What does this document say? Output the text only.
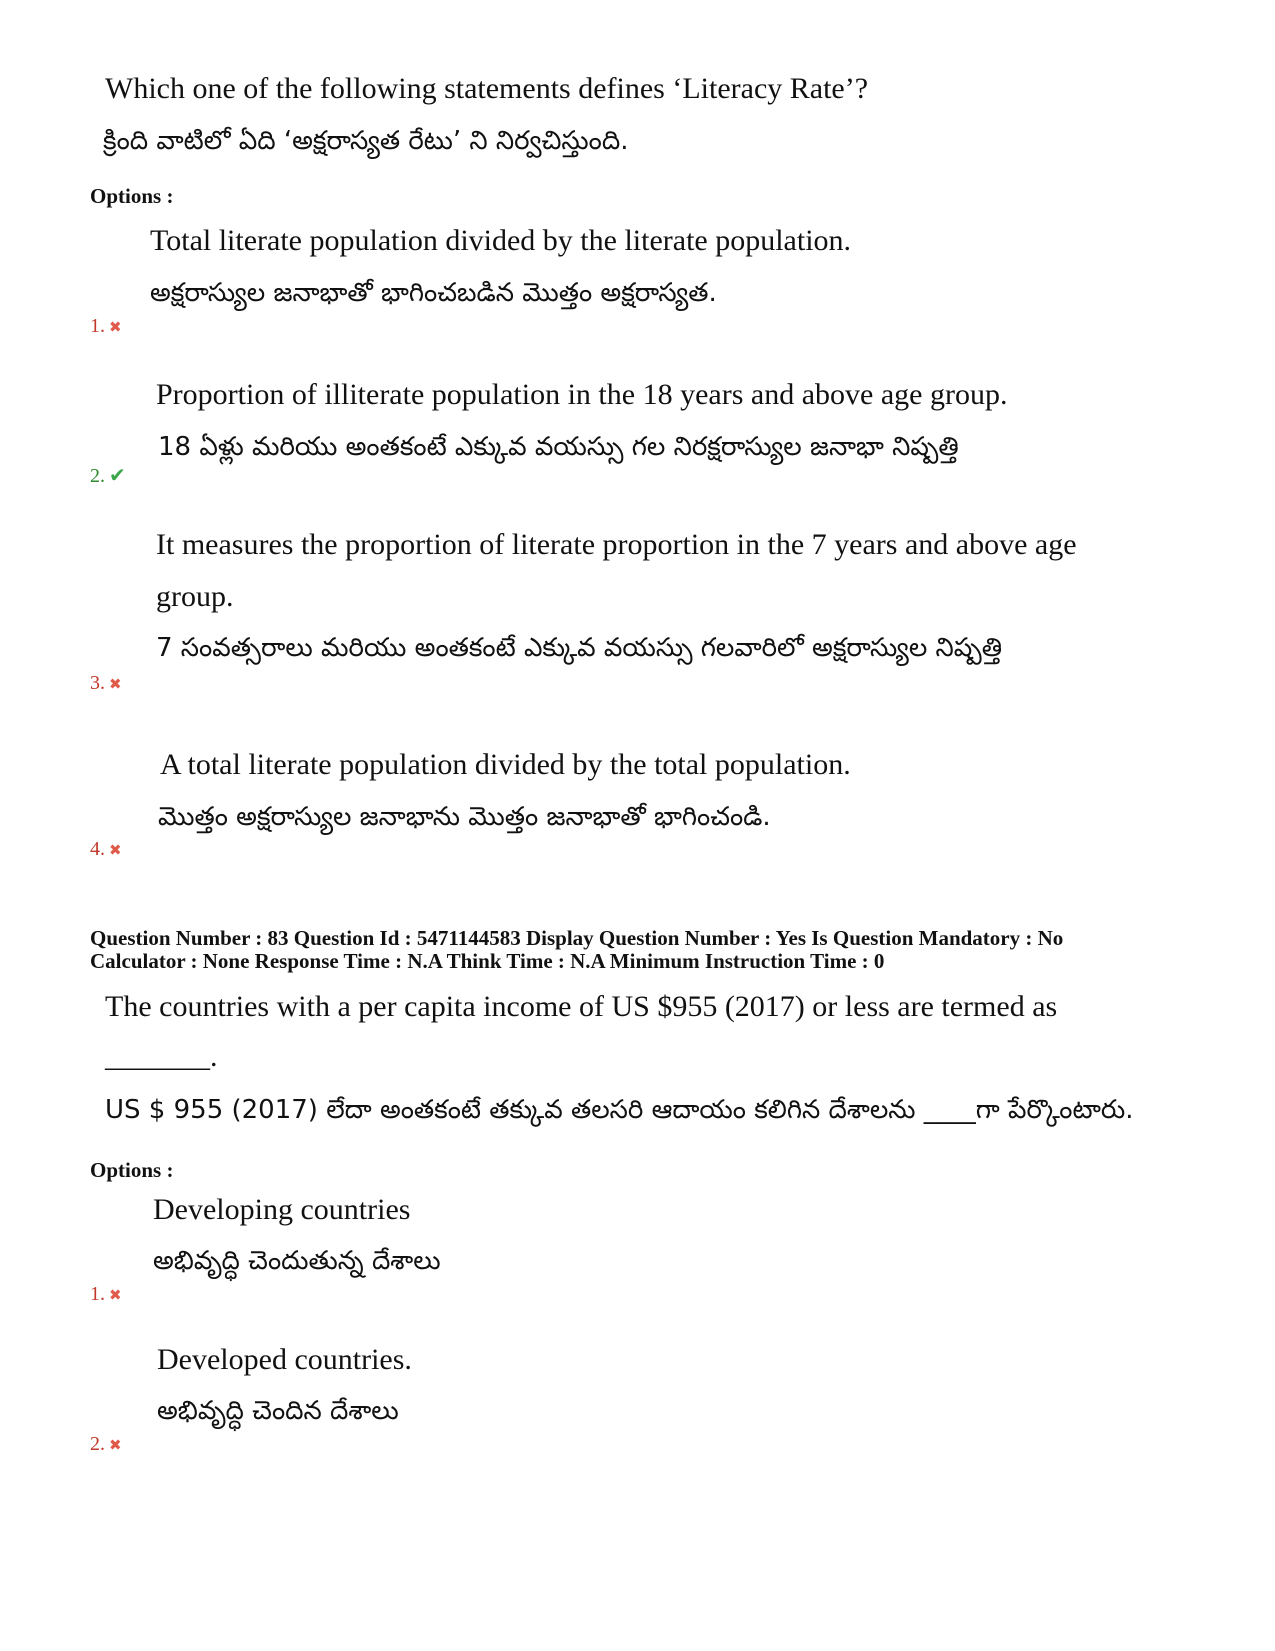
Which one of the following statements defines ‘Literacy Rate’?
క్రింది వాటిలో ఏది ‘అక్షరాస్యత రేటు’ ని నిర్వచిస్తుంది.
Options :
Total literate population divided by the literate population.
అక్షరాస్యుల జనాభాతో భాగించబడిన మొత్తం అక్షరాస్యత.
1. ✖
Proportion of illiterate population in the 18 years and above age group.
18 ఏళ్లు మరియు అంతకంటే ఎక్కువ వయస్సు గల నిరక్షరాస్యుల జనాభా నిష్పత్తి
2. ✔
It measures the proportion of literate proportion in the 7 years and above age
group.
7 సంవత్సరాలు మరియు అంతకంటే ఎక్కువ వయస్సు గలవారిలో అక్షరాస్యుల నిష్పత్తి
3. ✖
A total literate population divided by the total population.
మొత్తం అక్షరాస్యుల జనాభాను మొత్తం జనాభాతో భాగించండి.
4. ✖
Question Number : 83 Question Id : 5471144583 Display Question Number : Yes Is Question Mandatory : No
Calculator : None Response Time : N.A Think Time : N.A Minimum Instruction Time : 0
The countries with a per capita income of US $955 (2017) or less are termed as
_______.
US $ 955 (2017) లేదా అంతకంటే తక్కువ తలసరి ఆదాయం కలిగిన దేశాలను ____గా పేర్కొంటారు.
Options :
Developing countries
అభివృద్ధి చెందుతున్న దేశాలు
1. ✖
Developed countries.
అభివృద్ధి చెందిన దేశాలు
2. ✖
